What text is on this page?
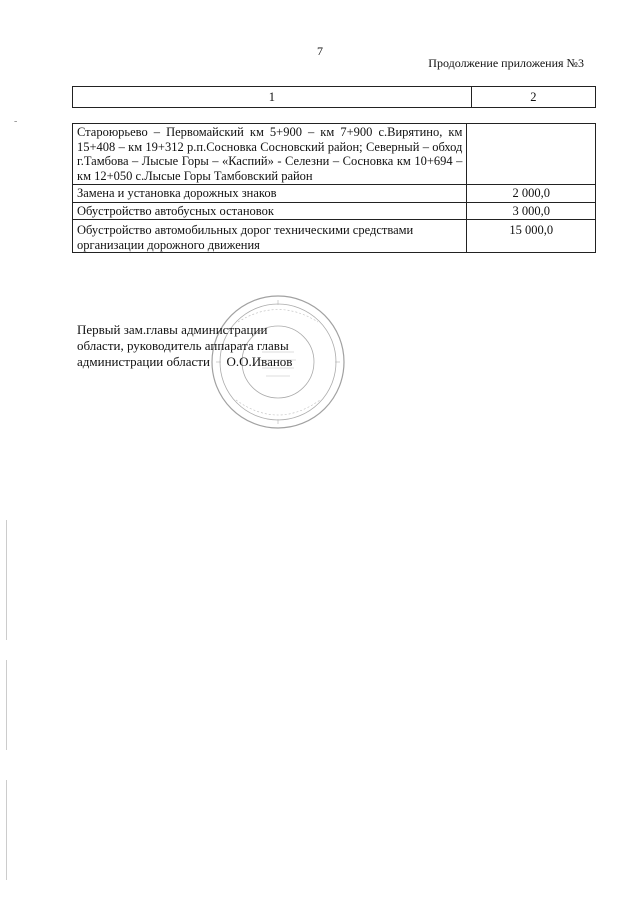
7
Продолжение приложения №3
-
1	2
Староюрьево – Первомайский км 5+900 – км 7+900 с.Вирятино, км 15+408 – км 19+312 р.п.Сосновка Сосновский район; Северный – обход г.Тамбова – Лысые Горы – «Каспий» - Селезни – Сосновка км 10+694 – км 12+050 с.Лысые Горы Тамбовский район	
Замена и установка дорожных знаков	2 000,0
Обустройство автобусных остановок	3 000,0
Обустройство автомобильных дорог техническими средствами организации дорожного движения	15 000,0
Первый зам.главы администрации
области, руководитель аппарата главы
администрации области О.О.Иванов
